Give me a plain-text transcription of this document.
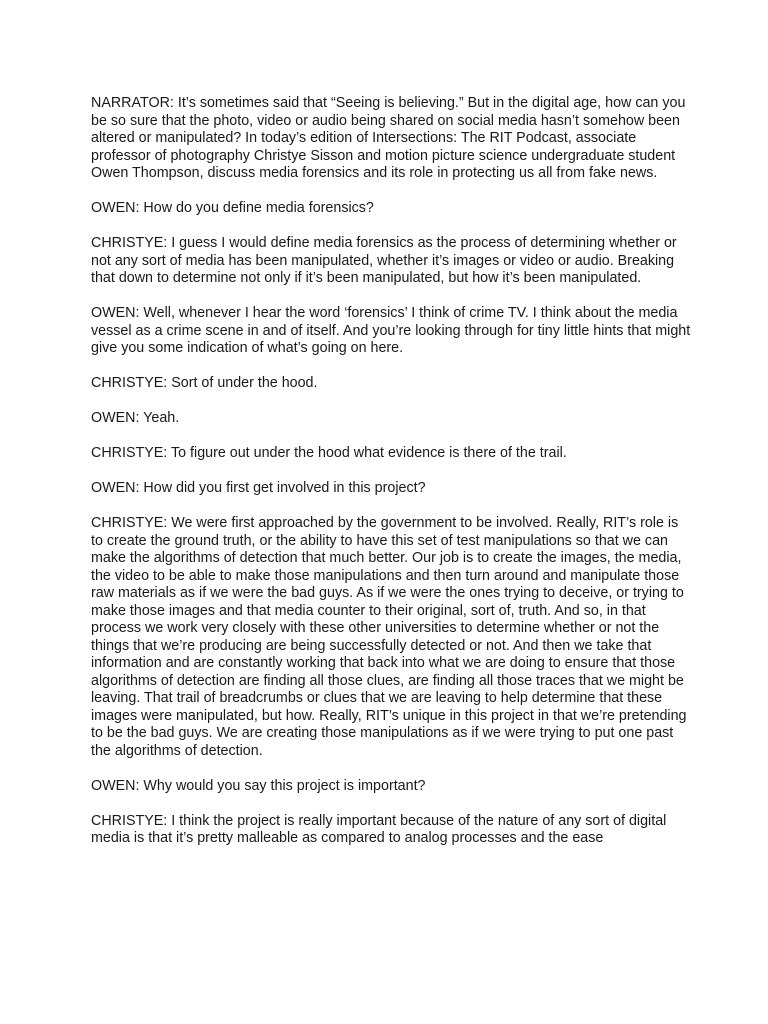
NARRATOR: It’s sometimes said that “Seeing is believing.” But in the digital age, how can you be so sure that the photo, video or audio being shared on social media hasn’t somehow been altered or manipulated? In today’s edition of Intersections: The RIT Podcast, associate professor of photography Christye Sisson and motion picture science undergraduate student Owen Thompson, discuss media forensics and its role in protecting us all from fake news.

OWEN: How do you define media forensics?

CHRISTYE: I guess I would define media forensics as the process of determining whether or not any sort of media has been manipulated, whether it’s images or video or audio. Breaking that down to determine not only if it’s been manipulated, but how it’s been manipulated.

OWEN: Well, whenever I hear the word ‘forensics’ I think of crime TV. I think about the media vessel as a crime scene in and of itself. And you’re looking through for tiny little hints that might give you some indication of what’s going on here.

CHRISTYE: Sort of under the hood.

OWEN: Yeah.

CHRISTYE: To figure out under the hood what evidence is there of the trail.

OWEN: How did you first get involved in this project?

CHRISTYE: We were first approached by the government to be involved. Really, RIT’s role is to create the ground truth, or the ability to have this set of test manipulations so that we can make the algorithms of detection that much better. Our job is to create the images, the media, the video to be able to make those manipulations and then turn around and manipulate those raw materials as if we were the bad guys. As if we were the ones trying to deceive, or trying to make those images and that media counter to their original, sort of, truth. And so, in that process we work very closely with these other universities to determine whether or not the things that we’re producing are being successfully detected or not. And then we take that information and are constantly working that back into what we are doing to ensure that those algorithms of detection are finding all those clues, are finding all those traces that we might be leaving. That trail of breadcrumbs or clues that we are leaving to help determine that these images were manipulated, but how. Really, RIT’s unique in this project in that we’re pretending to be the bad guys. We are creating those manipulations as if we were trying to put one past the algorithms of detection.

OWEN: Why would you say this project is important?

CHRISTYE: I think the project is really important because of the nature of any sort of digital media is that it’s pretty malleable as compared to analog processes and the ease
